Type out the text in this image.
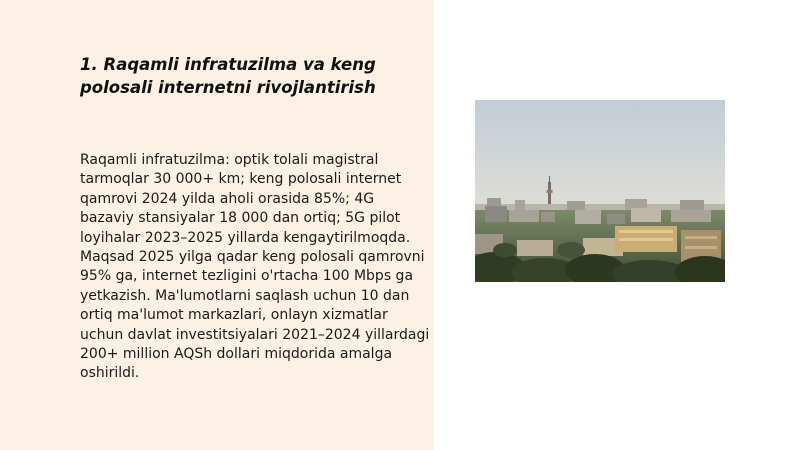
1. Raqamli infratuzilma va keng polosali internetni rivojlantirish

Raqamli infratuzilma: optik tolali magistral tarmoqlar 30 000+ km; keng polosali internet qamrovi 2024 yilda aholi orasida 85%; 4G bazaviy stansiyalar 18 000 dan ortiq; 5G pilot loyihalar 2023–2025 yillarda kengaytirilmoqda. Maqsad 2025 yilga qadar keng polosali qamrovni 95% ga, internet tezligini o'rtacha 100 Mbps ga yetkazish. Ma'lumotlarni saqlash uchun 10 dan ortiq ma'lumot markazlari, onlayn xizmatlar uchun davlat investitsiyalari 2021–2024 yillardagi 200+ million AQSh dollari miqdorida amalga oshirildi.
